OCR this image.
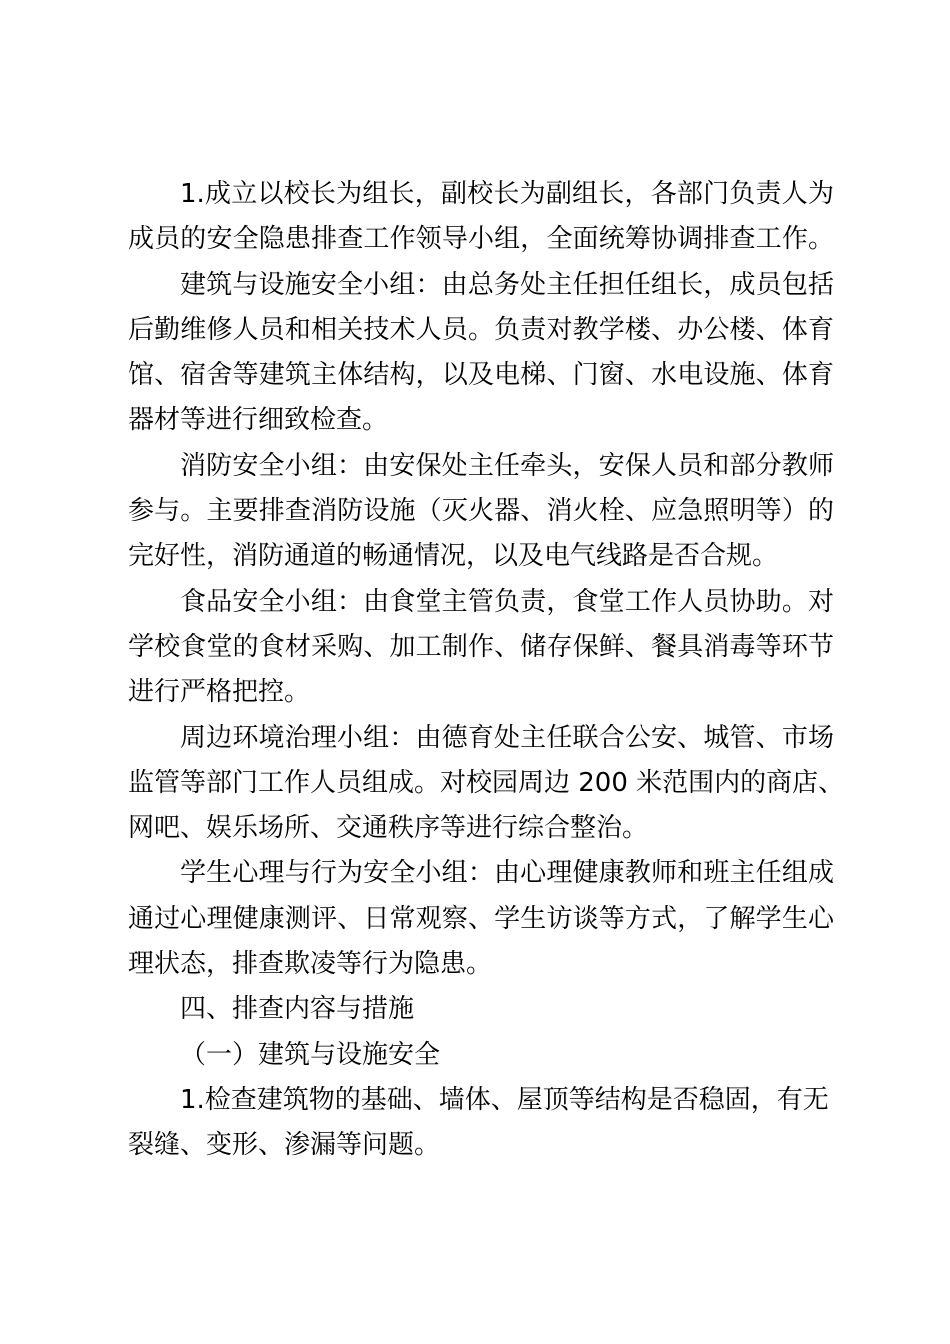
1.成立以校长为组长，副校长为副组长，各部门负责人为
成员的安全隐患排查工作领导小组，全面统筹协调排查工作。
建筑与设施安全小组：由总务处主任担任组长，成员包括
后勤维修人员和相关技术人员。负责对教学楼、办公楼、体育
馆、宿舍等建筑主体结构，以及电梯、门窗、水电设施、体育
器材等进行细致检查。
消防安全小组：由安保处主任牵头，安保人员和部分教师
参与。主要排查消防设施（灭火器、消火栓、应急照明等）的
完好性，消防通道的畅通情况，以及电气线路是否合规。
食品安全小组：由食堂主管负责，食堂工作人员协助。对
学校食堂的食材采购、加工制作、储存保鲜、餐具消毒等环节
进行严格把控。
周边环境治理小组：由德育处主任联合公安、城管、市场
监管等部门工作人员组成。对校园周边 200 米范围内的商店、
网吧、娱乐场所、交通秩序等进行综合整治。
学生心理与行为安全小组：由心理健康教师和班主任组成
通过心理健康测评、日常观察、学生访谈等方式，了解学生心
理状态，排查欺凌等行为隐患。
四、排查内容与措施
（一）建筑与设施安全
1.检查建筑物的基础、墙体、屋顶等结构是否稳固，有无
裂缝、变形、渗漏等问题。
